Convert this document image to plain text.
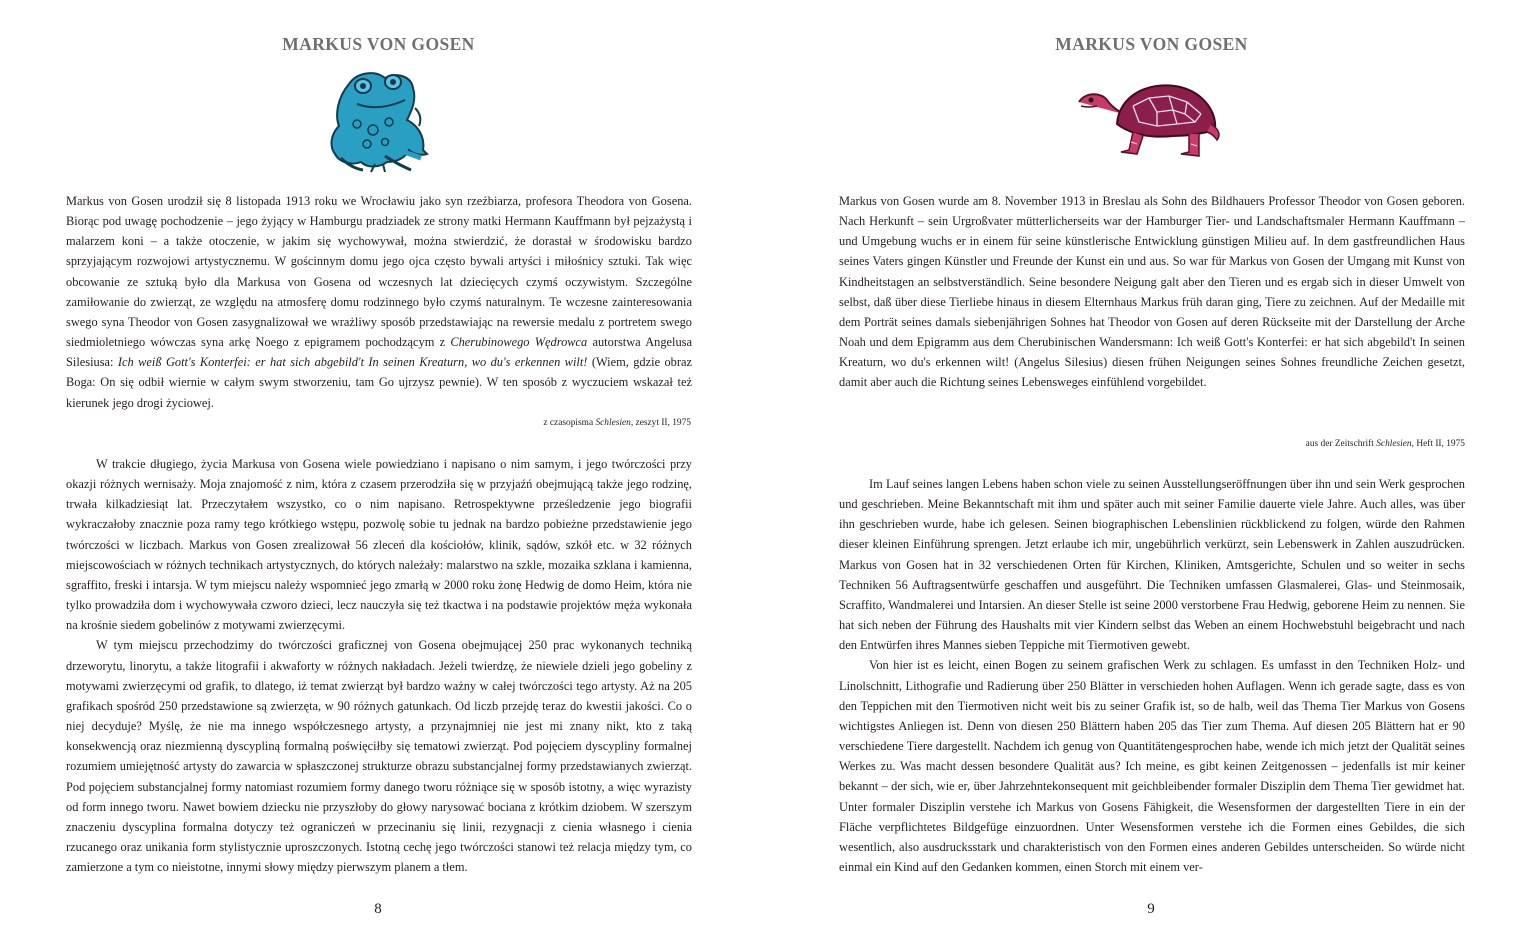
MARKUS VON GOSEN

Markus von Gosen urodził się 8 listopada 1913 roku we Wrocławiu jako syn rzeźbiarza, profesora Theodora von Gosena. Biorąc pod uwagę pochodzenie – jego żyjący w Hamburgu pradziadek ze strony matki Hermann Kauffmann był pejzażystą i malarzem koni – a także otoczenie, w jakim się wychowywał, można stwierdzić, że dorastał w środowisku bardzo sprzyjającym rozwojowi artystycznemu. W gościnnym domu jego ojca często bywali artyści i miłośnicy sztuki. Tak więc obcowanie ze sztuką było dla Markusa von Gosena od wczesnych lat dziecięcych czymś oczywistym. Szczególne zamiłowanie do zwierząt, ze względu na atmosferę domu rodzinnego było czymś naturalnym. Te wczesne zainteresowania swego syna Theodor von Gosen zasygnalizował we wrażliwy sposób przedstawiając na rewersie medalu z portretem swego siedmioletniego wówczas syna arkę Noego z epigramem pochodzącym z Cherubinowego Wędrowca autorstwa Angelusa Silesiusa: Ich weiß Gott's Konterfei: er hat sich abgebild't In seinen Kreaturn, wo du's erkennen wilt! (Wiem, gdzie obraz Boga: On się odbił wiernie w całym swym stworzeniu, tam Go ujrzysz pewnie). W ten sposób z wyczuciem wskazał też kierunek jego drogi życiowej.

z czasopisma Schlesien, zeszyt II, 1975

W trakcie długiego, życia Markusa von Gosena wiele powiedziano i napisano o nim samym, i jego twórczości przy okazji różnych wernisaży. Moja znajomość z nim, która z czasem przerodziła się w przyjaźń obejmującą także jego rodzinę, trwała kilkadziesiąt lat. Przeczytałem wszystko, co o nim napisano. Retrospektywne prześledzenie jego biografii wykraczałoby znacznie poza ramy tego krótkiego wstępu, pozwolę sobie tu jednak na bardzo pobieżne przedstawienie jego twórczości w liczbach. Markus von Gosen zrealizował 56 zleceń dla kościołów, klinik, sądów, szkół etc. w 32 różnych miejscowościach w różnych technikach artystycznych, do których należały: malarstwo na szkle, mozaika szklana i kamienna, sgraffito, freski i intarsja. W tym miejscu należy wspomnieć jego zmarłą w 2000 roku żonę Hedwig de domo Heim, która nie tylko prowadziła dom i wychowywała czworo dzieci, lecz nauczyła się też tkactwa i na podstawie projektów męża wykonała na krośnie siedem gobelinów z motywami zwierzęcymi.

W tym miejscu przechodzimy do twórczości graficznej von Gosena obejmującej 250 prac wykonanych techniką drzeworytu, linorytu, a także litografii i akwaforty w różnych nakładach. Jeżeli twierdzę, że niewiele dzieli jego gobeliny z motywami zwierzęcymi od grafik, to dlatego, iż temat zwierząt był bardzo ważny w całej twórczości tego artysty. Aż na 205 grafikach spośród 250 przedstawione są zwierzęta, w 90 różnych gatunkach. Od liczb przejdę teraz do kwestii jakości. Co o niej decyduje? Myślę, że nie ma innego współczesnego artysty, a przynajmniej nie jest mi znany nikt, kto z taką konsekwencją oraz niezmienną dyscypliną formalną poświęciłby się tematowi zwierząt. Pod pojęciem dyscypliny formalnej rozumiem umiejętność artysty do zawarcia w spłaszczonej strukturze obrazu substancjalnej formy przedstawianych zwierząt. Pod pojęciem substancjalnej formy natomiast rozumiem formy danego tworu różniące się w sposób istotny, a więc wyrazisty od form innego tworu. Nawet bowiem dziecku nie przyszłoby do głowy narysować bociana z krótkim dziobem. W szerszym znaczeniu dyscyplina formalna dotyczy też ograniczeń w przecinaniu się linii, rezygnacji z cienia własnego i cienia rzucanego oraz unikania form stylistycznie uproszczonych. Istotną cechę jego twórczości stanowi też relacja między tym, co zamierzone a tym co nieistotne, innymi słowy między pierwszym planem a tłem.

8

MARKUS VON GOSEN

Markus von Gosen wurde am 8. November 1913 in Breslau als Sohn des Bildhauers Professor Theodor von Gosen geboren. Nach Herkunft – sein Urgroßvater mütterlicherseits war der Hamburger Tier- und Landschaftsmaler Hermann Kauffmann – und Umgebung wuchs er in einem für seine künstlerische Entwicklung günstigen Milieu auf. In dem gastfreundlichen Haus seines Vaters gingen Künstler und Freunde der Kunst ein und aus. So war für Markus von Gosen der Umgang mit Kunst von Kindheitstagen an selbstverständlich. Seine besondere Neigung galt aber den Tieren und es ergab sich in dieser Umwelt von selbst, daß über diese Tierliebe hinaus in diesem Elternhaus Markus früh daran ging, Tiere zu zeichnen. Auf der Medaille mit dem Porträt seines damals siebenjährigen Sohnes hat Theodor von Gosen auf deren Rückseite mit der Darstellung der Arche Noah und dem Epigramm aus dem Cherubinischen Wandersmann: Ich weiß Gott's Konterfei: er hat sich abgebild't In seinen Kreaturn, wo du's erkennen wilt! (Angelus Silesius) diesen frühen Neigungen seines Sohnes freundliche Zeichen gesetzt, damit aber auch die Richtung seines Lebensweges einfühlend vorgebildet.

aus der Zeitschrift Schlesien, Heft II, 1975

Im Lauf seines langen Lebens haben schon viele zu seinen Ausstellungseröffnungen über ihn und sein Werk gesprochen und geschrieben. Meine Bekanntschaft mit ihm und später auch mit seiner Familie dauerte viele Jahre. Auch alles, was über ihn geschrieben wurde, habe ich gelesen. Seinen biographischen Lebenslinien rückblickend zu folgen, würde den Rahmen dieser kleinen Einführung sprengen. Jetzt erlaube ich mir, ungebührlich verkürzt, sein Lebenswerk in Zahlen auszudrücken. Markus von Gosen hat in 32 verschiedenen Orten für Kirchen, Kliniken, Amtsgerichte, Schulen und so weiter in sechs Techniken 56 Auftragsentwürfe geschaffen und ausgeführt. Die Techniken umfassen Glasmalerei, Glas- und Steinmosaik, Scraffito, Wandmalerei und Intarsien. An dieser Stelle ist seine 2000 verstorbene Frau Hedwig, geborene Heim zu nennen. Sie hat sich neben der Führung des Haushalts mit vier Kindern selbst das Weben an einem Hochwebstuhl beigebracht und nach den Entwürfen ihres Mannes sieben Teppiche mit Tiermotiven gewebt.

Von hier ist es leicht, einen Bogen zu seinem grafischen Werk zu schlagen. Es umfasst in den Techniken Holz- und Linolschnitt, Lithografie und Radierung über 250 Blätter in verschieden hohen Auflagen. Wenn ich gerade sagte, dass es von den Teppichen mit den Tiermotiven nicht weit bis zu seiner Grafik ist, so de halb, weil das Thema Tier Markus von Gosens wichtigstes Anliegen ist. Denn von diesen 250 Blättern haben 205 das Tier zum Thema. Auf diesen 205 Blättern hat er 90 verschiedene Tiere dargestellt. Nachdem ich genug von Quantitätengesprochen habe, wende ich mich jetzt der Qualität seines Werkes zu. Was macht dessen besondere Qualität aus? Ich meine, es gibt keinen Zeitgenossen – jedenfalls ist mir keiner bekannt – der sich, wie er, über Jahrzehntekonsequent mit geichbleibender formaler Disziplin dem Thema Tier gewidmet hat. Unter formaler Disziplin verstehe ich Markus von Gosens Fähigkeit, die Wesensformen der dargestellten Tiere in ein der Fläche verpflichtetes Bildgefüge einzuordnen. Unter Wesensformen verstehe ich die Formen eines Gebildes, die sich wesentlich, also ausdrucksstark und charakteristisch von den Formen eines anderen Gebildes unterscheiden. So würde nicht einmal ein Kind auf den Gedanken kommen, einen Storch mit einem ver-

9
